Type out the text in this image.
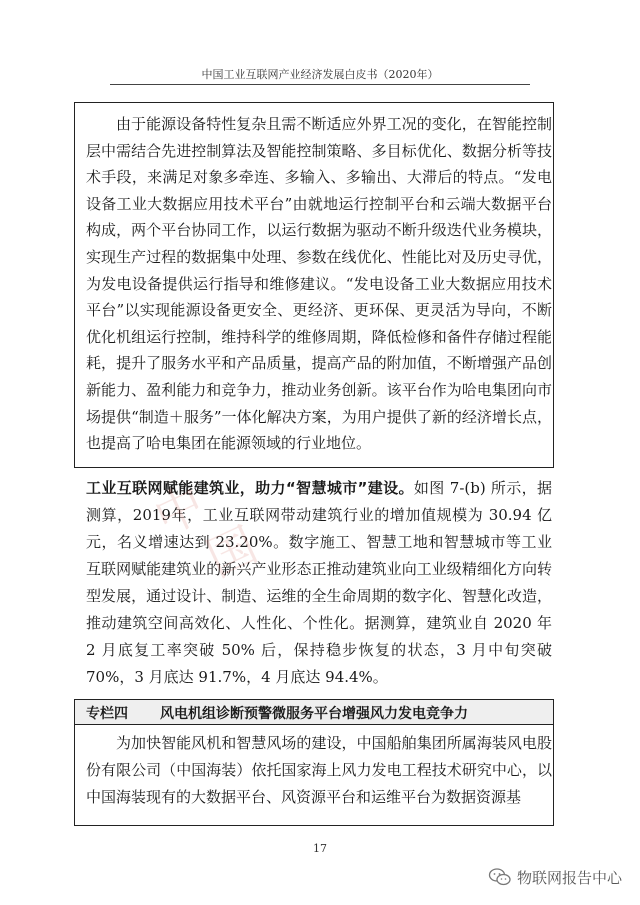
中国工业互联网产业经济发展白皮书（2020年）

由于能源设备特性复杂且需不断适应外界工况的变化，在智能控制层中需结合先进控制算法及智能控制策略、多目标优化、数据分析等技术手段，来满足对象多牵连、多输入、多输出、大滞后的特点。“发电设备工业大数据应用技术平台”由就地运行控制平台和云端大数据平台构成，两个平台协同工作，以运行数据为驱动不断升级迭代业务模块，实现生产过程的数据集中处理、参数在线优化、性能比对及历史寻优，为发电设备提供运行指导和维修建议。“发电设备工业大数据应用技术平台”以实现能源设备更安全、更经济、更环保、更灵活为导向，不断优化机组运行控制，维持科学的维修周期，降低检修和备件存储过程能耗，提升了服务水平和产品质量，提高产品的附加值，不断增强产品创新能力、盈利能力和竞争力，推动业务创新。该平台作为哈电集团向市场提供“制造＋服务”一体化解决方案，为用户提供了新的经济增长点，也提高了哈电集团在能源领域的行业地位。

工业互联网赋能建筑业，助力“智慧城市”建设。如图 7-(b) 所示，据测算，2019年，工业互联网带动建筑行业的增加值规模为 30.94 亿元，名义增速达到 23.20%。数字施工、智慧工地和智慧城市等工业互联网赋能建筑业的新兴产业形态正推动建筑业向工业级精细化方向转型发展，通过设计、制造、运维的全生命周期的数字化、智慧化改造，推动建筑空间高效化、人性化、个性化。据测算，建筑业自 2020 年 2 月底复工率突破 50% 后，保持稳步恢复的状态，3 月中旬突破 70%，3 月底达 91.7%，4 月底达 94.4%。

中
国
专栏四 风电机组诊断预警微服务平台增强风力发电竞争力

为加快智能风机和智慧风场的建设，中国船舶集团所属海装风电股份有限公司（中国海装）依托国家海上风力发电工程技术研究中心，以中国海装现有的大数据平台、风资源平台和运维平台为数据资源基

17
物联网报告中心
